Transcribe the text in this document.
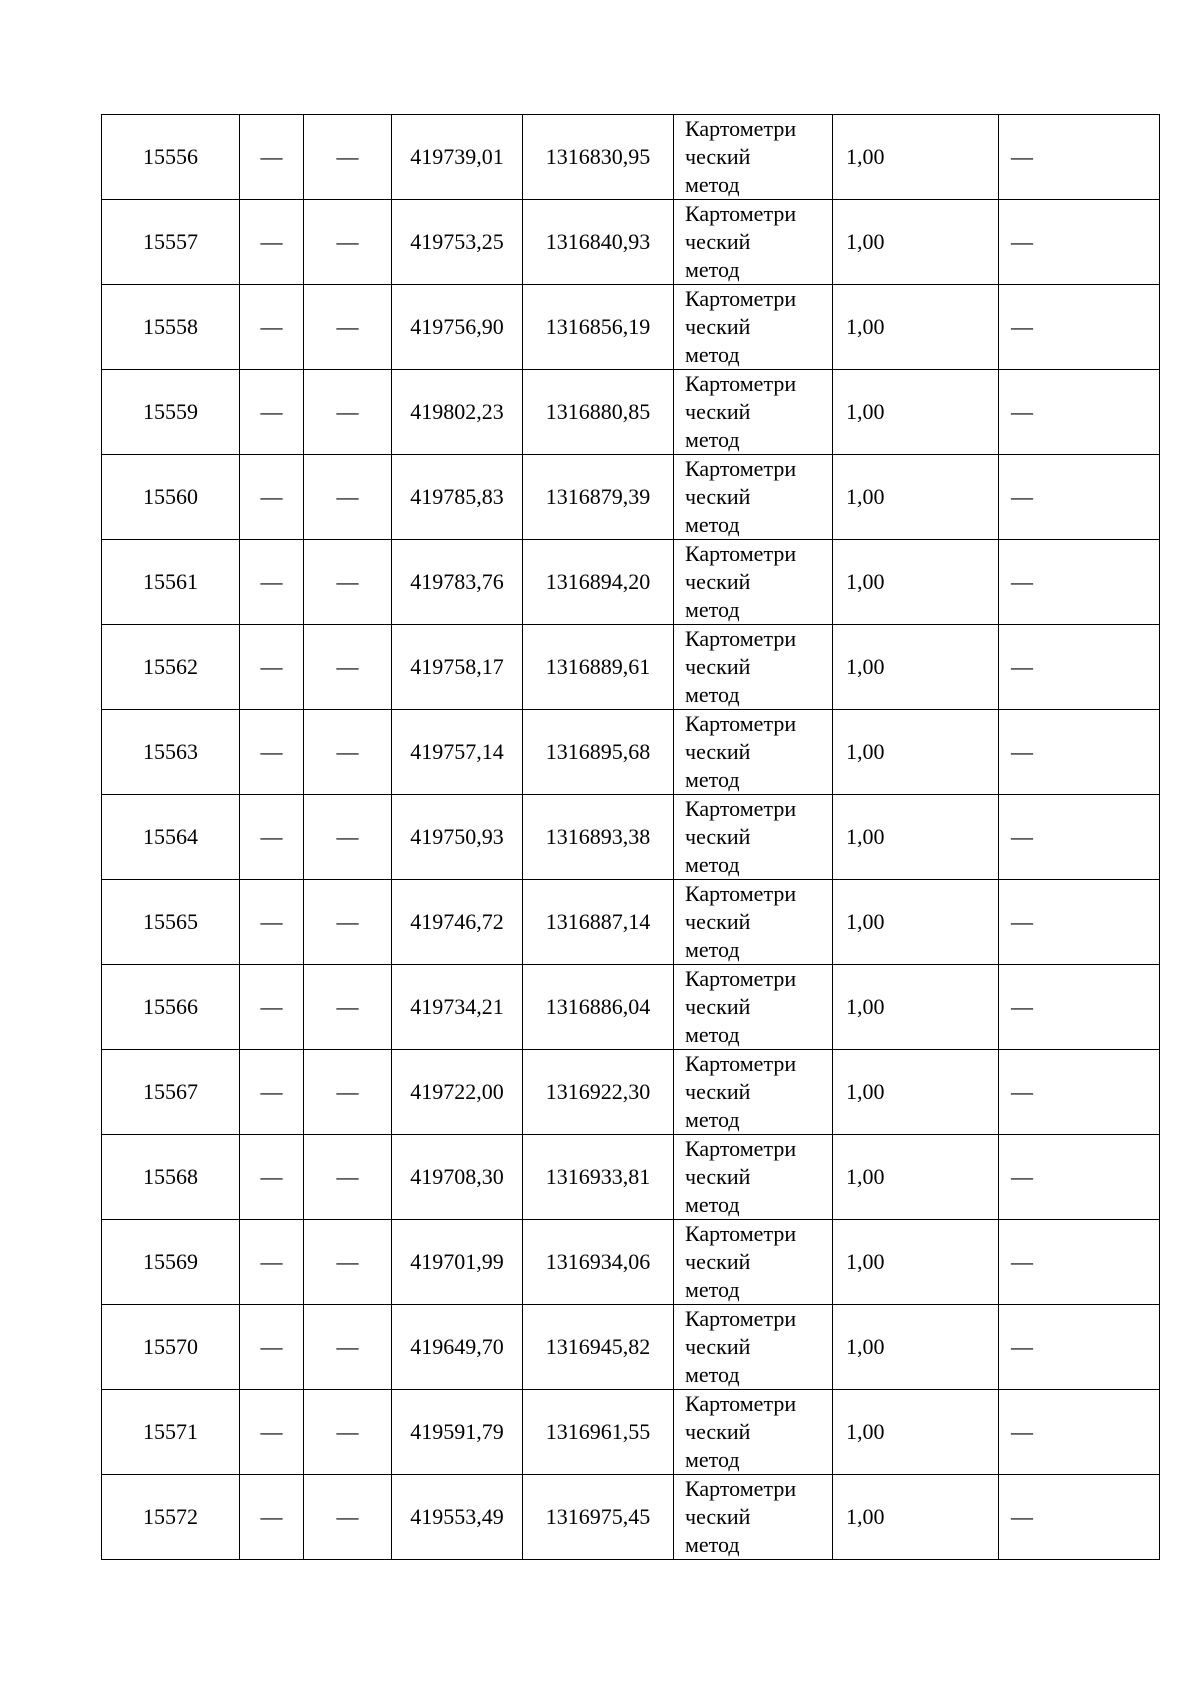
15556	—	—	419739,01	1316830,95	Картометри
ческий
метод	1,00	—
15557	—	—	419753,25	1316840,93	Картометри
ческий
метод	1,00	—
15558	—	—	419756,90	1316856,19	Картометри
ческий
метод	1,00	—
15559	—	—	419802,23	1316880,85	Картометри
ческий
метод	1,00	—
15560	—	—	419785,83	1316879,39	Картометри
ческий
метод	1,00	—
15561	—	—	419783,76	1316894,20	Картометри
ческий
метод	1,00	—
15562	—	—	419758,17	1316889,61	Картометри
ческий
метод	1,00	—
15563	—	—	419757,14	1316895,68	Картометри
ческий
метод	1,00	—
15564	—	—	419750,93	1316893,38	Картометри
ческий
метод	1,00	—
15565	—	—	419746,72	1316887,14	Картометри
ческий
метод	1,00	—
15566	—	—	419734,21	1316886,04	Картометри
ческий
метод	1,00	—
15567	—	—	419722,00	1316922,30	Картометри
ческий
метод	1,00	—
15568	—	—	419708,30	1316933,81	Картометри
ческий
метод	1,00	—
15569	—	—	419701,99	1316934,06	Картометри
ческий
метод	1,00	—
15570	—	—	419649,70	1316945,82	Картометри
ческий
метод	1,00	—
15571	—	—	419591,79	1316961,55	Картометри
ческий
метод	1,00	—
15572	—	—	419553,49	1316975,45	Картометри
ческий
метод	1,00	—
